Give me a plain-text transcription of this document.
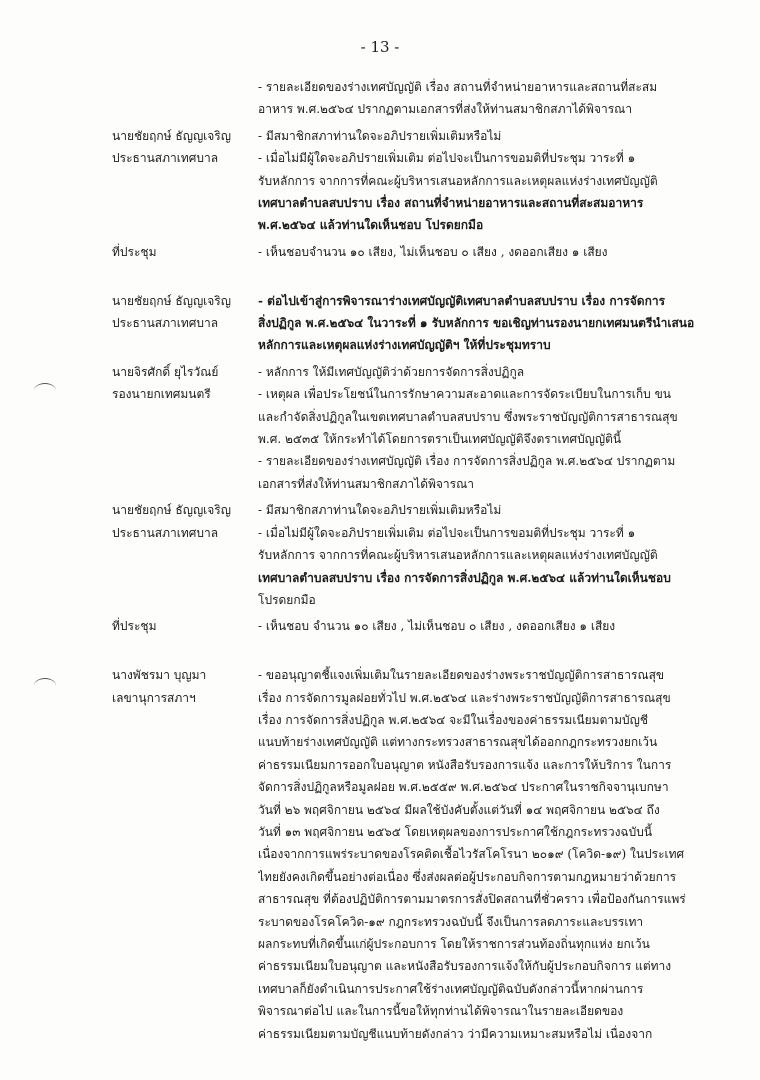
- 13 -
- รายละเอียดของร่างเทศบัญญัติ เรื่อง สถานที่จำหน่ายอาหารและสถานที่สะสม
อาหาร พ.ศ.๒๕๖๔ ปรากฏตามเอกสารที่ส่งให้ท่านสมาชิกสภาได้พิจารณา
นายชัยฤกษ์ ธัญญเจริญ
ประธานสภาเทศบาล
- มีสมาชิกสภาท่านใดจะอภิปรายเพิ่มเติมหรือไม่
- เมื่อไม่มีผู้ใดจะอภิปรายเพิ่มเติม ต่อไปจะเป็นการขอมติที่ประชุม วาระที่ ๑
รับหลักการ จากการที่คณะผู้บริหารเสนอหลักการและเหตุผลแห่งร่างเทศบัญญัติ
เทศบาลตำบลสบปราบ เรื่อง สถานที่จำหน่ายอาหารและสถานที่สะสมอาหาร
พ.ศ.๒๕๖๔ แล้วท่านใดเห็นชอบ โปรดยกมือ
ที่ประชุม	- เห็นชอบจำนวน ๑๐ เสียง, ไม่เห็นชอบ ๐ เสียง , งดออกเสียง ๑ เสียง
นายชัยฤกษ์ ธัญญเจริญ
ประธานสภาเทศบาล
- ต่อไปเข้าสู่การพิจารณาร่างเทศบัญญัติเทศบาลตำบลสบปราบ เรื่อง การจัดการ
สิ่งปฏิกูล พ.ศ.๒๕๖๔ ในวาระที่ ๑ รับหลักการ ขอเชิญท่านรองนายกเทศมนตรีนำเสนอ
หลักการและเหตุผลแห่งร่างเทศบัญญัติฯ ให้ที่ประชุมทราบ
นายจิรศักดิ์ ยุไรวัณย์
รองนายกเทศมนตรี
- หลักการ ให้มีเทศบัญญัติว่าด้วยการจัดการสิ่งปฏิกูล
- เหตุผล เพื่อประโยชน์ในการรักษาความสะอาดและการจัดระเบียบในการเก็บ ขน
และกำจัดสิ่งปฏิกูลในเขตเทศบาลตำบลสบปราบ ซึ่งพระราชบัญญัติการสาธารณสุข
พ.ศ. ๒๕๓๕ ให้กระทำได้โดยการตราเป็นเทศบัญญัติจึงตราเทศบัญญัตินี้
- รายละเอียดของร่างเทศบัญญัติ เรื่อง การจัดการสิ่งปฏิกูล พ.ศ.๒๕๖๔ ปรากฏตาม
เอกสารที่ส่งให้ท่านสมาชิกสภาได้พิจารณา
นายชัยฤกษ์ ธัญญเจริญ
ประธานสภาเทศบาล
- มีสมาชิกสภาท่านใดจะอภิปรายเพิ่มเติมหรือไม่
- เมื่อไม่มีผู้ใดจะอภิปรายเพิ่มเติม ต่อไปจะเป็นการขอมติที่ประชุม วาระที่ ๑
รับหลักการ จากการที่คณะผู้บริหารเสนอหลักการและเหตุผลแห่งร่างเทศบัญญัติ
เทศบาลตำบลสบปราบ เรื่อง การจัดการสิ่งปฏิกูล พ.ศ.๒๕๖๔ แล้วท่านใดเห็นชอบ
โปรดยกมือ
ที่ประชุม	- เห็นชอบ จำนวน ๑๐ เสียง , ไม่เห็นชอบ ๐ เสียง , งดออกเสียง ๑ เสียง
นางพัชรมา บุญมา
เลขานุการสภาฯ
- ขออนุญาตชี้แจงเพิ่มเติมในรายละเอียดของร่างพระราชบัญญัติการสาธารณสุข
เรื่อง การจัดการมูลฝอยทั่วไป พ.ศ.๒๕๖๔ และร่างพระราชบัญญัติการสาธารณสุข
เรื่อง การจัดการสิ่งปฏิกูล พ.ศ.๒๕๖๔ จะมีในเรื่องของค่าธรรมเนียมตามบัญชี
แนบท้ายร่างเทศบัญญัติ แต่ทางกระทรวงสาธารณสุขได้ออกกฎกระทรวงยกเว้น
ค่าธรรมเนียมการออกใบอนุญาต หนังสือรับรองการแจ้ง และการให้บริการ ในการ
จัดการสิ่งปฏิกูลหรือมูลฝอย พ.ศ.๒๕๕๙ พ.ศ.๒๕๖๔ ประกาศในราชกิจจานุเบกษา
วันที่ ๒๖ พฤศจิกายน ๒๕๖๔ มีผลใช้บังคับตั้งแต่วันที่ ๑๔ พฤศจิกายน ๒๕๖๔ ถึง
วันที่ ๑๓ พฤศจิกายน ๒๕๖๕ โดยเหตุผลของการประกาศใช้กฎกระทรวงฉบับนี้
เนื่องจากการแพร่ระบาดของโรคติดเชื้อไวรัสโคโรนา ๒๐๑๙ (โควิด-๑๙) ในประเทศ
ไทยยังคงเกิดขึ้นอย่างต่อเนื่อง ซึ่งส่งผลต่อผู้ประกอบกิจการตามกฎหมายว่าด้วยการ
สาธารณสุข ที่ต้องปฏิบัติการตามมาตรการสั่งปิดสถานที่ชั่วคราว เพื่อป้องกันการแพร่
ระบาดของโรคโควิด-๑๙ กฎกระทรวงฉบับนี้ จึงเป็นการลดภาระและบรรเทา
ผลกระทบที่เกิดขึ้นแก่ผู้ประกอบการ โดยให้ราชการส่วนท้องถิ่นทุกแห่ง ยกเว้น
ค่าธรรมเนียมใบอนุญาต และหนังสือรับรองการแจ้งให้กับผู้ประกอบกิจการ แต่ทาง
เทศบาลก็ยังดำเนินการประกาศใช้ร่างเทศบัญญัติฉบับดังกล่าวนี้หากผ่านการ
พิจารณาต่อไป และในการนี้ขอให้ทุกท่านได้พิจารณาในรายละเอียดของ
ค่าธรรมเนียมตามบัญชีแนบท้ายดังกล่าว ว่ามีความเหมาะสมหรือไม่ เนื่องจาก
